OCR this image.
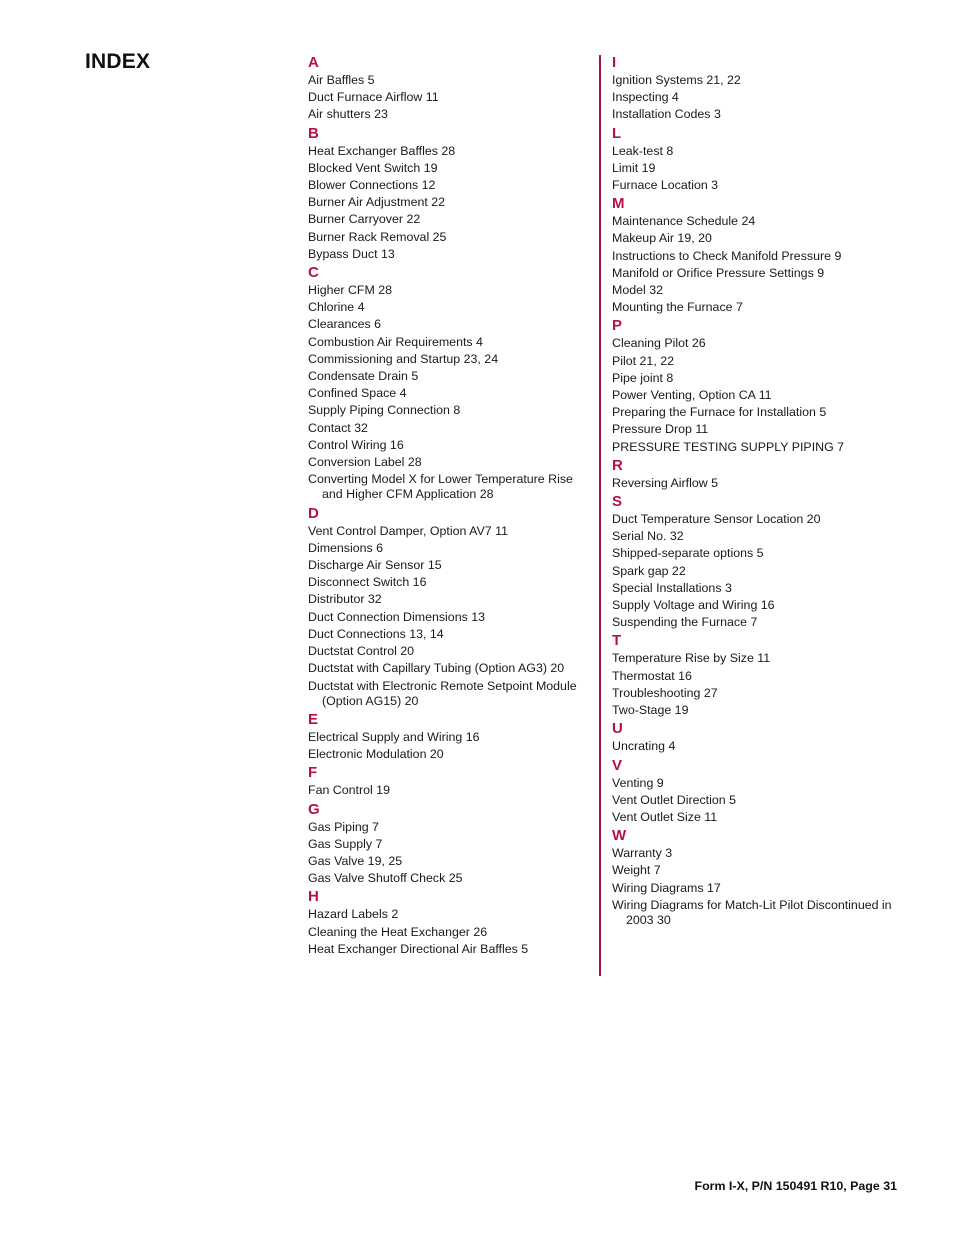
INDEX	A
Air Baffles 5
Duct Furnace Airflow 11
Air shutters 23
B
Heat Exchanger Baffles 28
Blocked Vent Switch 19
Blower Connections 12
Burner Air Adjustment 22
Burner Carryover 22
Burner Rack Removal 25
Bypass Duct 13
C
Higher CFM 28
Chlorine 4
Clearances 6
Combustion Air Requirements 4
Commissioning and Startup 23, 24
Condensate Drain 5
Confined Space 4
Supply Piping Connection 8
Contact 32
Control Wiring 16
Conversion Label 28
Converting Model X for Lower Temperature Rise and Higher CFM Application 28
D
Vent Control Damper, Option AV7 11
Dimensions 6
Discharge Air Sensor 15
Disconnect Switch 16
Distributor 32
Duct Connection Dimensions 13
Duct Connections 13, 14
Ductstat Control 20
Ductstat with Capillary Tubing (Option AG3) 20
Ductstat with Electronic Remote Setpoint Module (Option AG15) 20
E
Electrical Supply and Wiring 16
Electronic Modulation 20
F
Fan Control 19
G
Gas Piping 7
Gas Supply 7
Gas Valve 19, 25
Gas Valve Shutoff Check 25
H
Hazard Labels 2
Cleaning the Heat Exchanger 26
Heat Exchanger Directional Air Baffles 5
I
Ignition Systems 21, 22
Inspecting 4
Installation Codes 3
L
Leak-test 8
Limit 19
Furnace Location 3
M
Maintenance Schedule 24
Makeup Air 19, 20
Instructions to Check Manifold Pressure 9
Manifold or Orifice Pressure Settings 9
Model 32
Mounting the Furnace 7
P
Cleaning Pilot 26
Pilot 21, 22
Pipe joint 8
Power Venting, Option CA 11
Preparing the Furnace for Installation 5
Pressure Drop 11
PRESSURE TESTING SUPPLY PIPING 7
R
Reversing Airflow 5
S
Duct Temperature Sensor Location 20
Serial No. 32
Shipped-separate options 5
Spark gap 22
Special Installations 3
Supply Voltage and Wiring 16
Suspending the Furnace 7
T
Temperature Rise by Size 11
Thermostat 16
Troubleshooting 27
Two-Stage 19
U
Uncrating 4
V
Venting 9
Vent Outlet Direction 5
Vent Outlet Size 11
W
Warranty 3
Weight 7
Wiring Diagrams 17
Wiring Diagrams for Match-Lit Pilot Discontinued in 2003 30
Form I-X, P/N 150491 R10, Page 31
